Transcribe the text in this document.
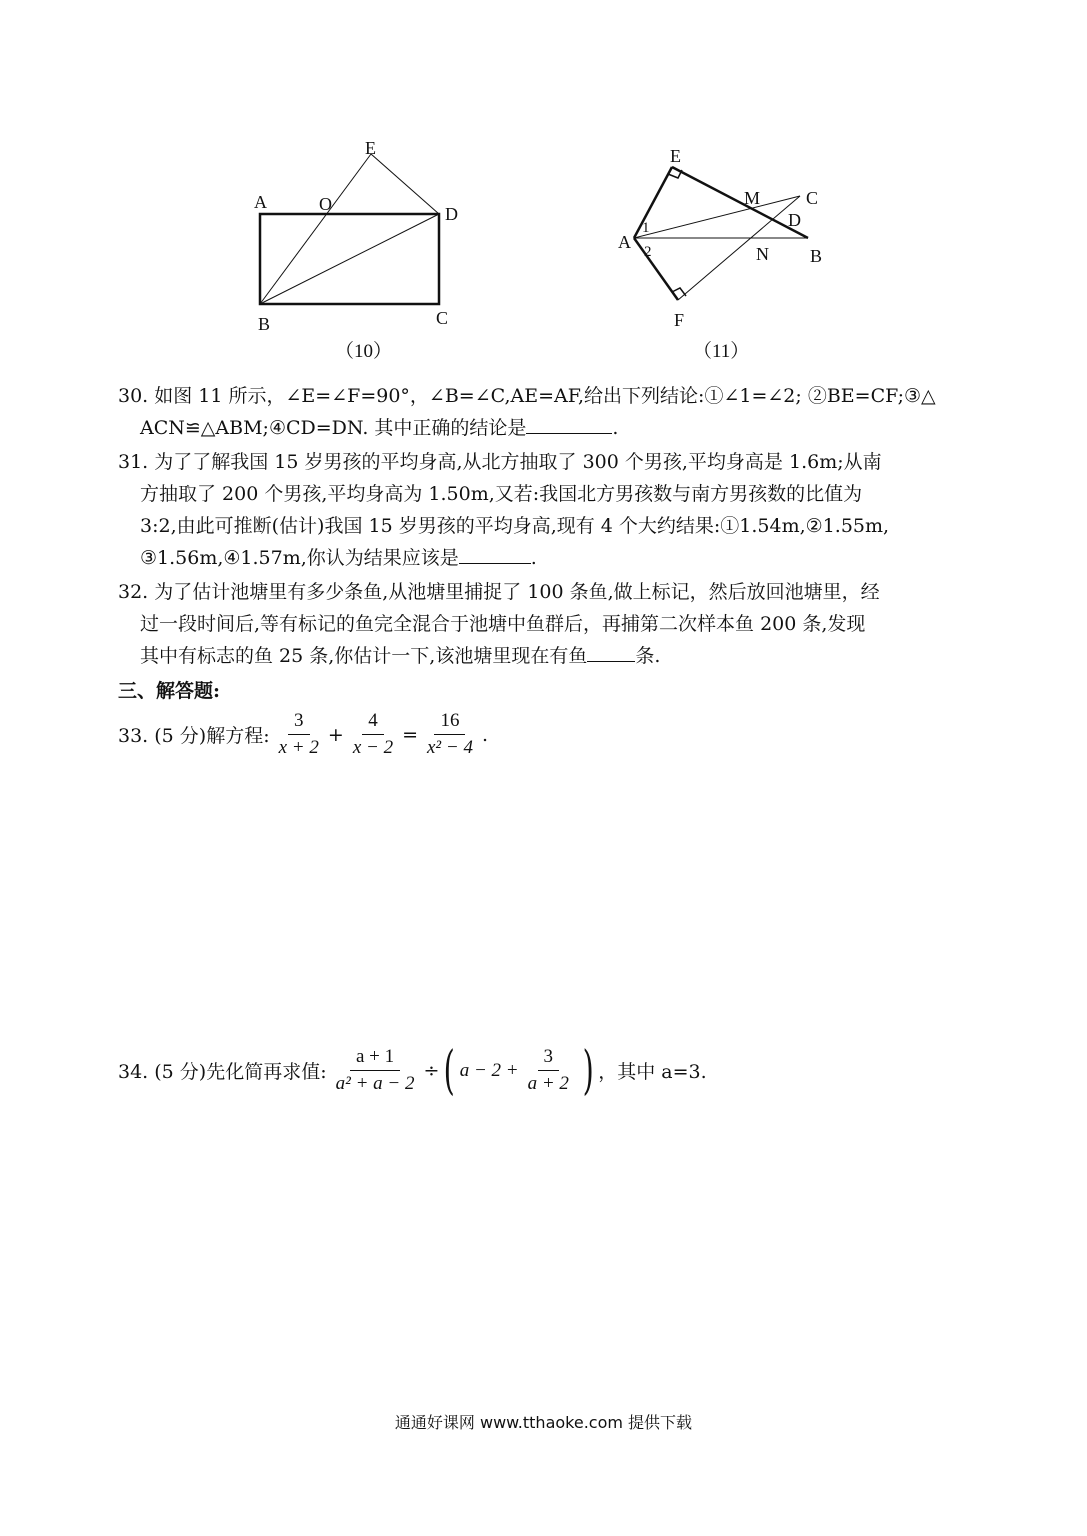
A	O
E
D
B	C
（10）
E
M	C
D
A
1
2	N B
F
（11）

30. 如图 11 所示，∠E=∠F=90°，∠B=∠C,AE=AF,给出下列结论:①∠1=∠2; ②BE=CF;③△

ACN≌△ABM;④CD=DN. 其中正确的结论是	.

31. 为了了解我国 15 岁男孩的平均身高,从北方抽取了 300 个男孩,平均身高是 1.6m;从南

方抽取了 200 个男孩,平均身高为 1.50m,又若:我国北方男孩数与南方男孩数的比值为

3:2,由此可推断(估计)我国 15 岁男孩的平均身高,现有 4 个大约结果:①1.54m,②1.55m,

③1.56m,④1.57m,你认为结果应该是	.

32. 为了估计池塘里有多少条鱼,从池塘里捕捉了 100 条鱼,做上标记，然后放回池塘里，经

过一段时间后,等有标记的鱼完全混合于池塘中鱼群后，再捕第二次样本鱼 200 条,发现

其中有标志的鱼 25 条,你估计一下,该池塘里现在有鱼	条.

三、解答题:
33. (5 分)解方程: $\frac{3}{x + 2} + \frac{4}{x - 2} = \frac{16}{\text{x² − 4}}$ .
34. (5 分)先化简再求值: $\frac{a + 1}{\text{a² + a − 2}}$ ÷ ( $a - 2 + \frac{3}{a + 2}$ ) ，其中 a=3.
通通好课网 www.tthaoke.com 提供下载
